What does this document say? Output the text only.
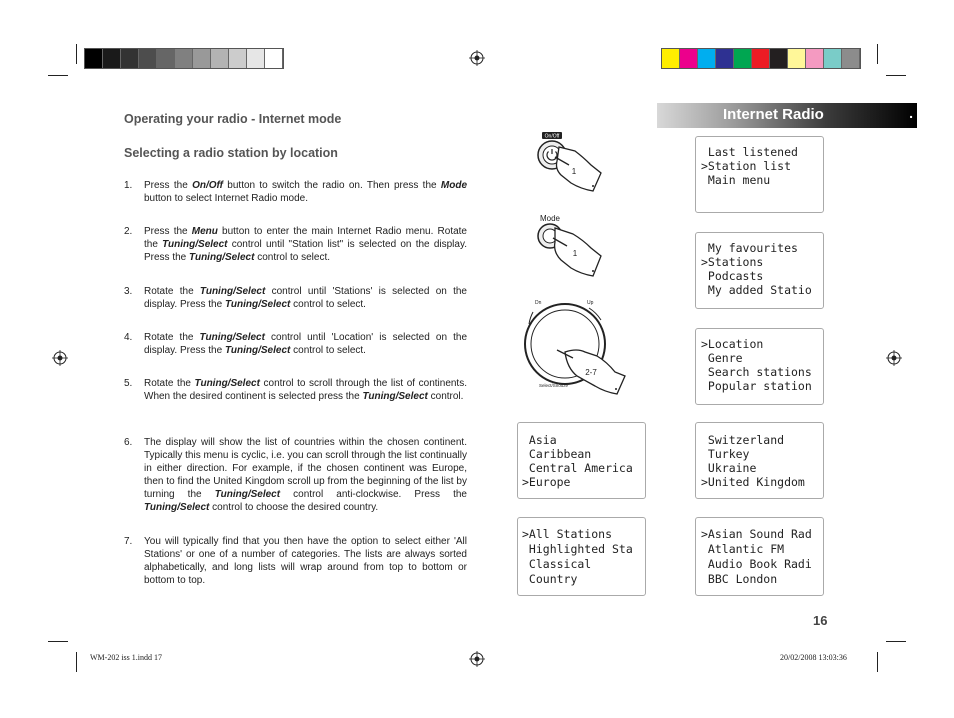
Internet Radio	.
Operating your radio - Internet mode
Selecting a radio station by location
1. Press the On/Off button to switch the radio on. Then press the Mode button to select Internet Radio mode.
2. Press the Menu button to enter the main Internet Radio menu. Rotate the Tuning/Select control until "Station list" is selected on the display. Press the Tuning/Select control to select.
3. Rotate the Tuning/Select control until 'Stations' is selected on the display. Press the Tuning/Select control to select.
4. Rotate the Tuning/Select control until 'Location' is selected on the display. Press the Tuning/Select control to select.
5. Rotate the Tuning/Select control to scroll through the list of continents. When the desired continent is selected press the Tuning/Select control.
6. The display will show the list of countries within the chosen continent. Typically this menu is cyclic, i.e. you can scroll through the list continually in either direction. For example, if the chosen continent was Europe, then to find the United Kingdom scroll up from the beginning of the list by turning the Tuning/Select control anti-clockwise. Press the Tuning/Select control to choose the desired country.
7. You will typically find that you then have the option to select either 'All Stations' or one of a number of categories. The lists are always sorted alphabetically, and long lists will wrap around from top to bottom or bottom to top.
On/Off
1
Mode
1
Dn	Up
Select/Snooze
2-7
Last listened
>Station list
Main menu
My favourites
>Stations
Podcasts
My added Statio
>Location
Genre
Search stations
Popular station
Asia
Caribbean
Central America
>Europe
Switzerland
Turkey
Ukraine
>United Kingdom
>All Stations
Highlighted Sta
Classical
Country
>Asian Sound Rad
Atlantic FM
Audio Book Radi
BBC London
16
WM-202 iss 1.indd 17	20/02/2008 13:03:36
